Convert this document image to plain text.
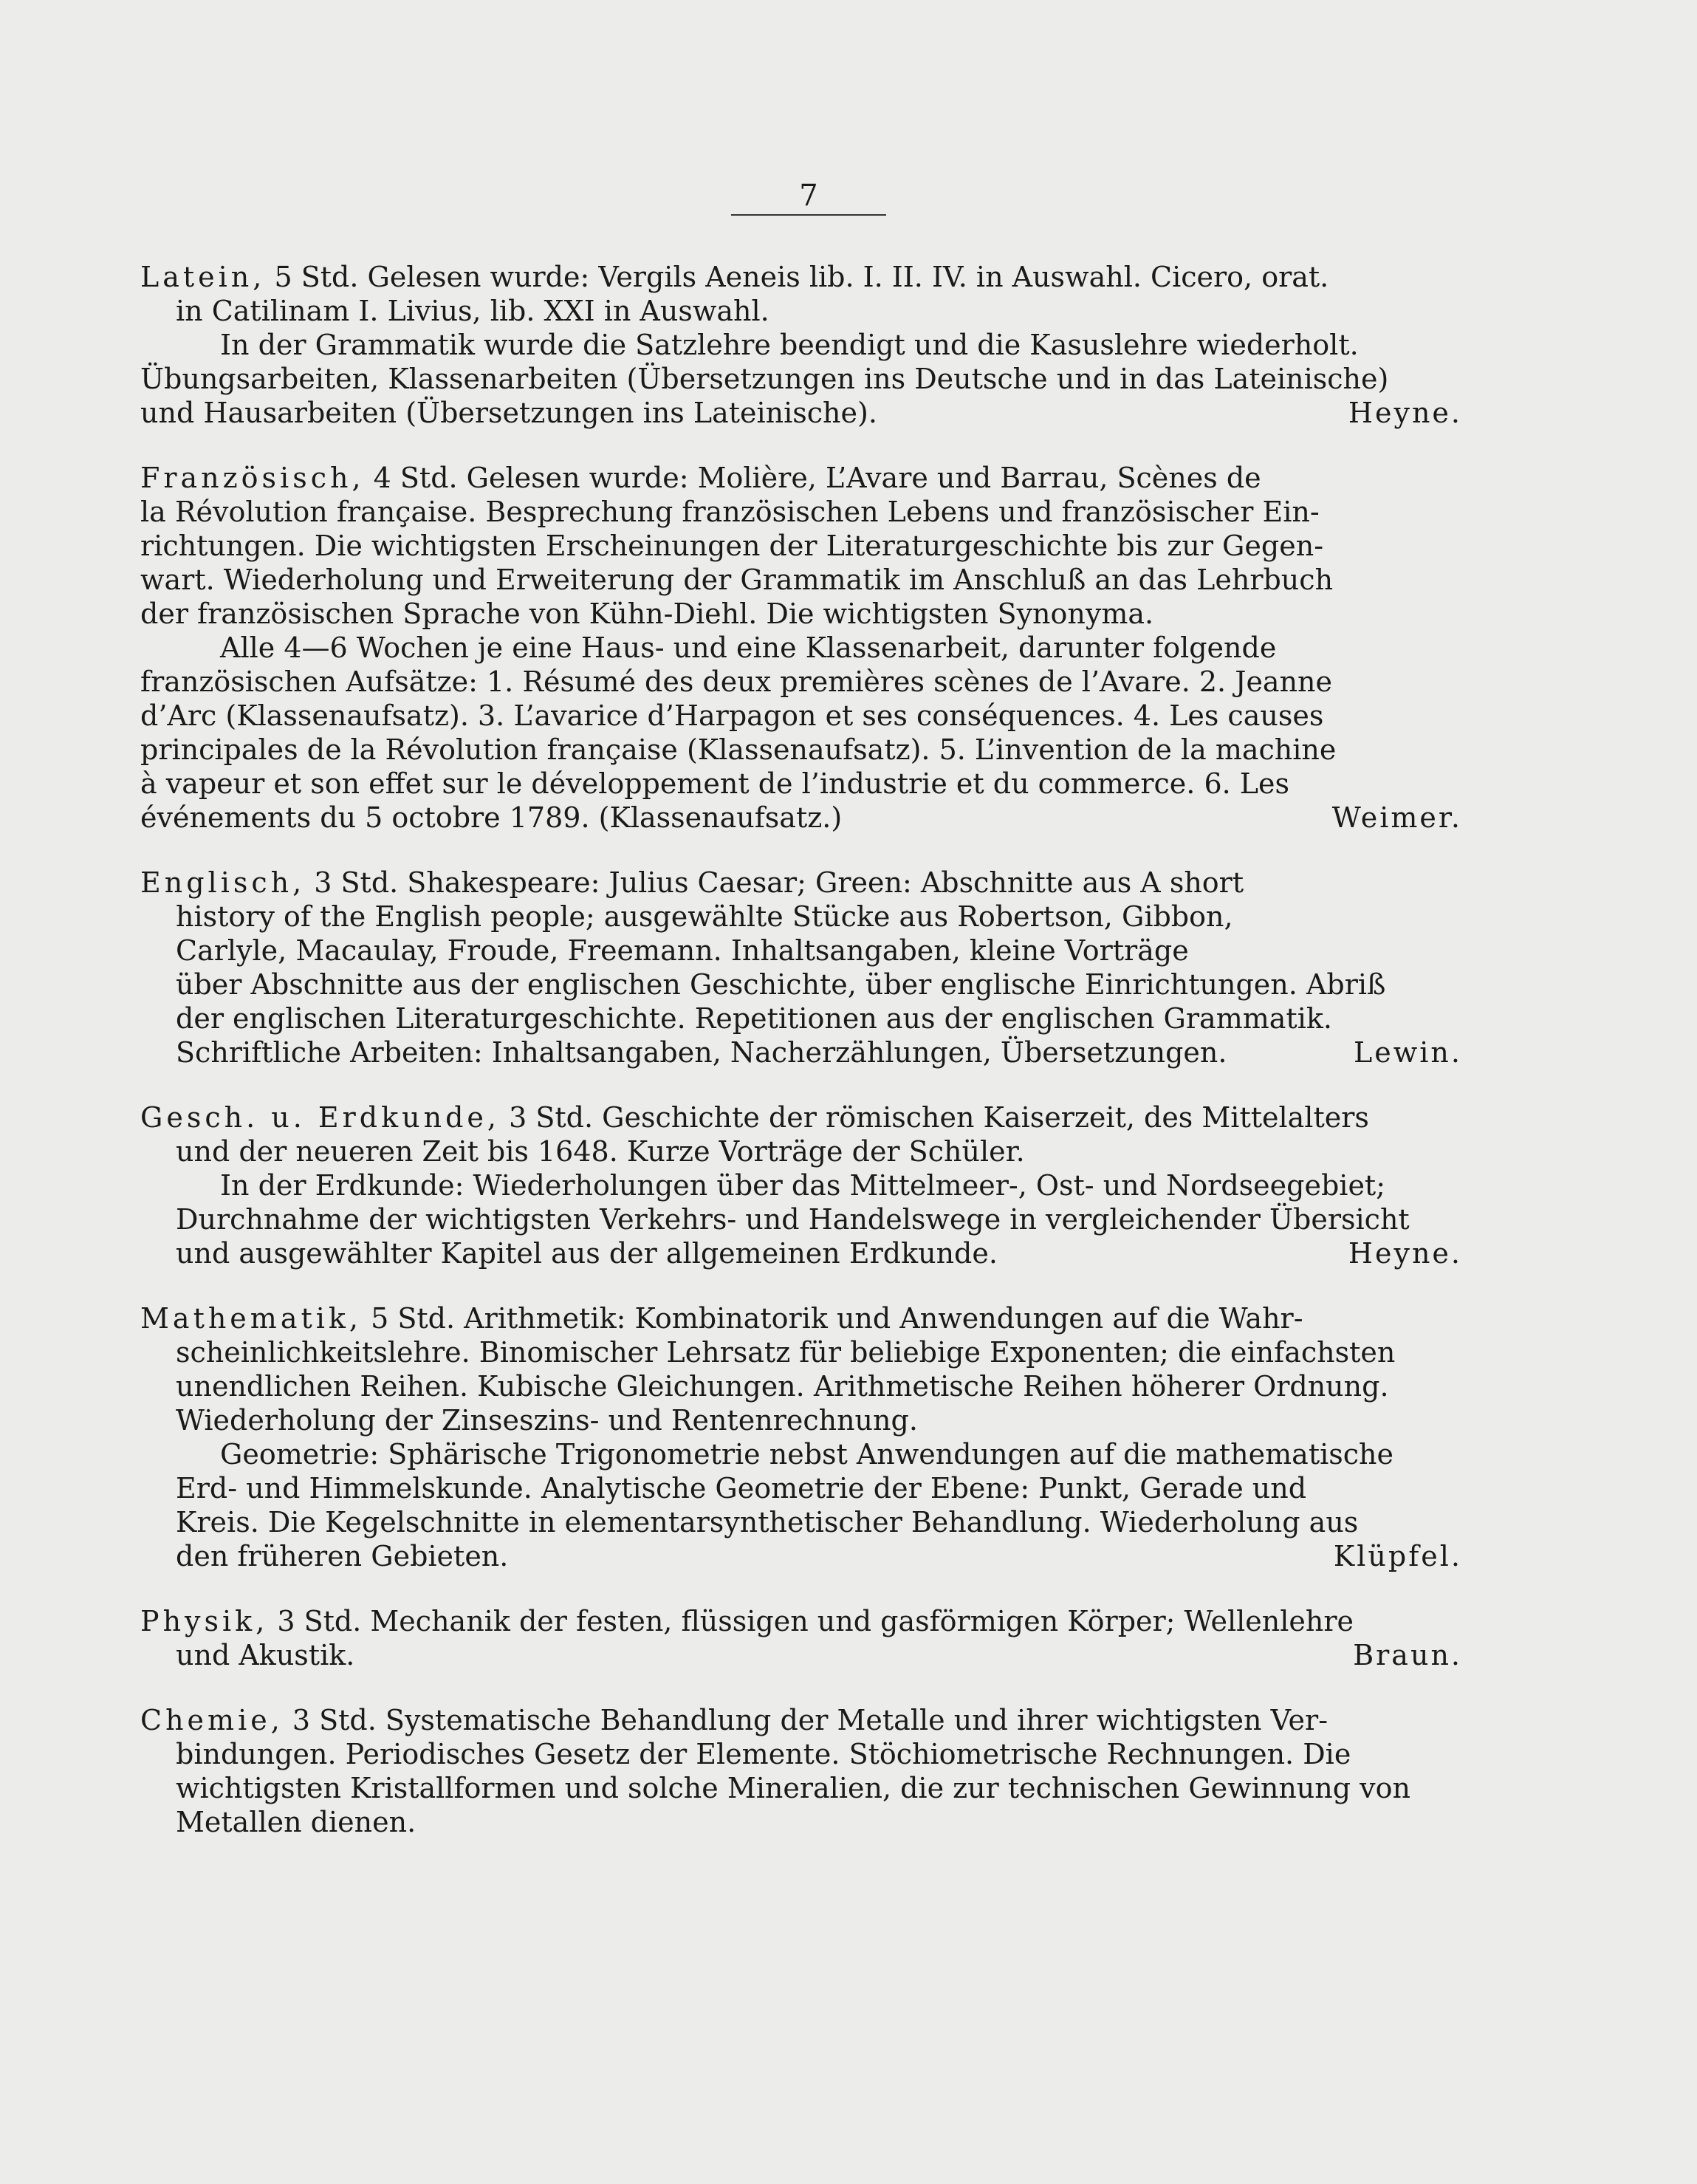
7
Latein, 5 Std. Gelesen wurde: Vergils Aeneis lib. I. II. IV. in Auswahl. Cicero, orat.
in Catilinam I. Livius, lib. XXI in Auswahl.
In der Grammatik wurde die Satzlehre beendigt und die Kasuslehre wiederholt.
Übungsarbeiten, Klassenarbeiten (Übersetzungen ins Deutsche und in das Lateinische)
und Hausarbeiten (Übersetzungen ins Lateinische).	Heyne.
Französisch, 4 Std. Gelesen wurde: Molière, L’Avare und Barrau, Scènes de
la Révolution française. Besprechung französischen Lebens und französischer Ein-
richtungen. Die wichtigsten Erscheinungen der Literaturgeschichte bis zur Gegen-
wart. Wiederholung und Erweiterung der Grammatik im Anschluß an das Lehrbuch
der französischen Sprache von Kühn-Diehl. Die wichtigsten Synonyma.
Alle 4—6 Wochen je eine Haus- und eine Klassenarbeit, darunter folgende
französischen Aufsätze: 1. Résumé des deux premières scènes de l’Avare. 2. Jeanne
d’Arc (Klassenaufsatz). 3. L’avarice d’Harpagon et ses conséquences. 4. Les causes
principales de la Révolution française (Klassenaufsatz). 5. L’invention de la machine
à vapeur et son effet sur le développement de l’industrie et du commerce. 6. Les
événements du 5 octobre 1789. (Klassenaufsatz.)	Weimer.
Englisch, 3 Std. Shakespeare: Julius Caesar; Green: Abschnitte aus A short
history of the English people; ausgewählte Stücke aus Robertson, Gibbon,
Carlyle, Macaulay, Froude, Freemann. Inhaltsangaben, kleine Vorträge
über Abschnitte aus der englischen Geschichte, über englische Einrichtungen. Abriß
der englischen Literaturgeschichte. Repetitionen aus der englischen Grammatik.
Schriftliche Arbeiten: Inhaltsangaben, Nacherzählungen, Übersetzungen.	Lewin.
Gesch. u. Erdkunde, 3 Std. Geschichte der römischen Kaiserzeit, des Mittelalters
und der neueren Zeit bis 1648. Kurze Vorträge der Schüler.
In der Erdkunde: Wiederholungen über das Mittelmeer-, Ost- und Nordseegebiet;
Durchnahme der wichtigsten Verkehrs- und Handelswege in vergleichender Übersicht
und ausgewählter Kapitel aus der allgemeinen Erdkunde.	Heyne.
Mathematik, 5 Std. Arithmetik: Kombinatorik und Anwendungen auf die Wahr-
scheinlichkeitslehre. Binomischer Lehrsatz für beliebige Exponenten; die einfachsten
unendlichen Reihen. Kubische Gleichungen. Arithmetische Reihen höherer Ordnung.
Wiederholung der Zinseszins- und Rentenrechnung.
Geometrie: Sphärische Trigonometrie nebst Anwendungen auf die mathematische
Erd- und Himmelskunde. Analytische Geometrie der Ebene: Punkt, Gerade und
Kreis. Die Kegelschnitte in elementarsynthetischer Behandlung. Wiederholung aus
den früheren Gebieten.	Klüpfel.
Physik, 3 Std. Mechanik der festen, flüssigen und gasförmigen Körper; Wellenlehre
und Akustik.	Braun.
Chemie, 3 Std. Systematische Behandlung der Metalle und ihrer wichtigsten Ver-
bindungen. Periodisches Gesetz der Elemente. Stöchiometrische Rechnungen. Die
wichtigsten Kristallformen und solche Mineralien, die zur technischen Gewinnung von
Metallen dienen.
